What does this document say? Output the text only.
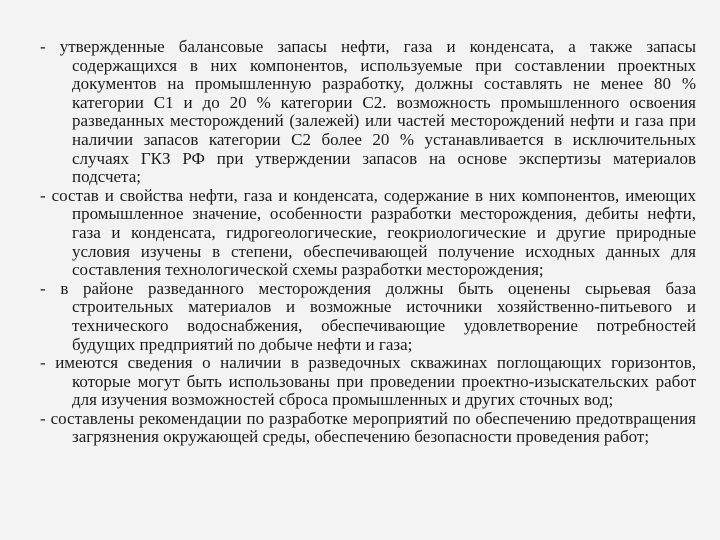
- утвержденные балансовые запасы нефти, газа и конденсата, а также запасы содержащихся в них компонентов, используемые при составлении проектных документов на промышленную разработку, должны составлять не менее 80 % категории С1 и до 20 % категории С2. возможность промышленного освоения разведанных месторождений (залежей) или частей месторождений нефти и газа при наличии запасов категории С2 более 20 % устанавливается в исключительных случаях ГКЗ РФ при утверждении запасов на основе экспертизы материалов подсчета;

- состав и свойства нефти, газа и конденсата, содержание в них компонентов, имеющих промышленное значение, особенности разработки месторождения, дебиты нефти, газа и конденсата, гидрогеологические, геокриологические и другие природные условия изучены в степени, обеспечивающей получение исходных данных для составления технологической схемы разработки месторождения;

- в районе разведанного месторождения должны быть оценены сырьевая база строительных материалов и возможные источники хозяйственно-питьевого и технического водоснабжения, обеспечивающие удовлетворение потребностей будущих предприятий по добыче нефти и газа;

- имеются сведения о наличии в разведочных скважинах поглощающих горизонтов, которые могут быть использованы при проведении проектно-изыскательских работ для изучения возможностей сброса промышленных и других сточных вод;

- составлены рекомендации по разработке мероприятий по обеспечению предотвращения загрязнения окружающей среды, обеспечению безопасности проведения работ;
